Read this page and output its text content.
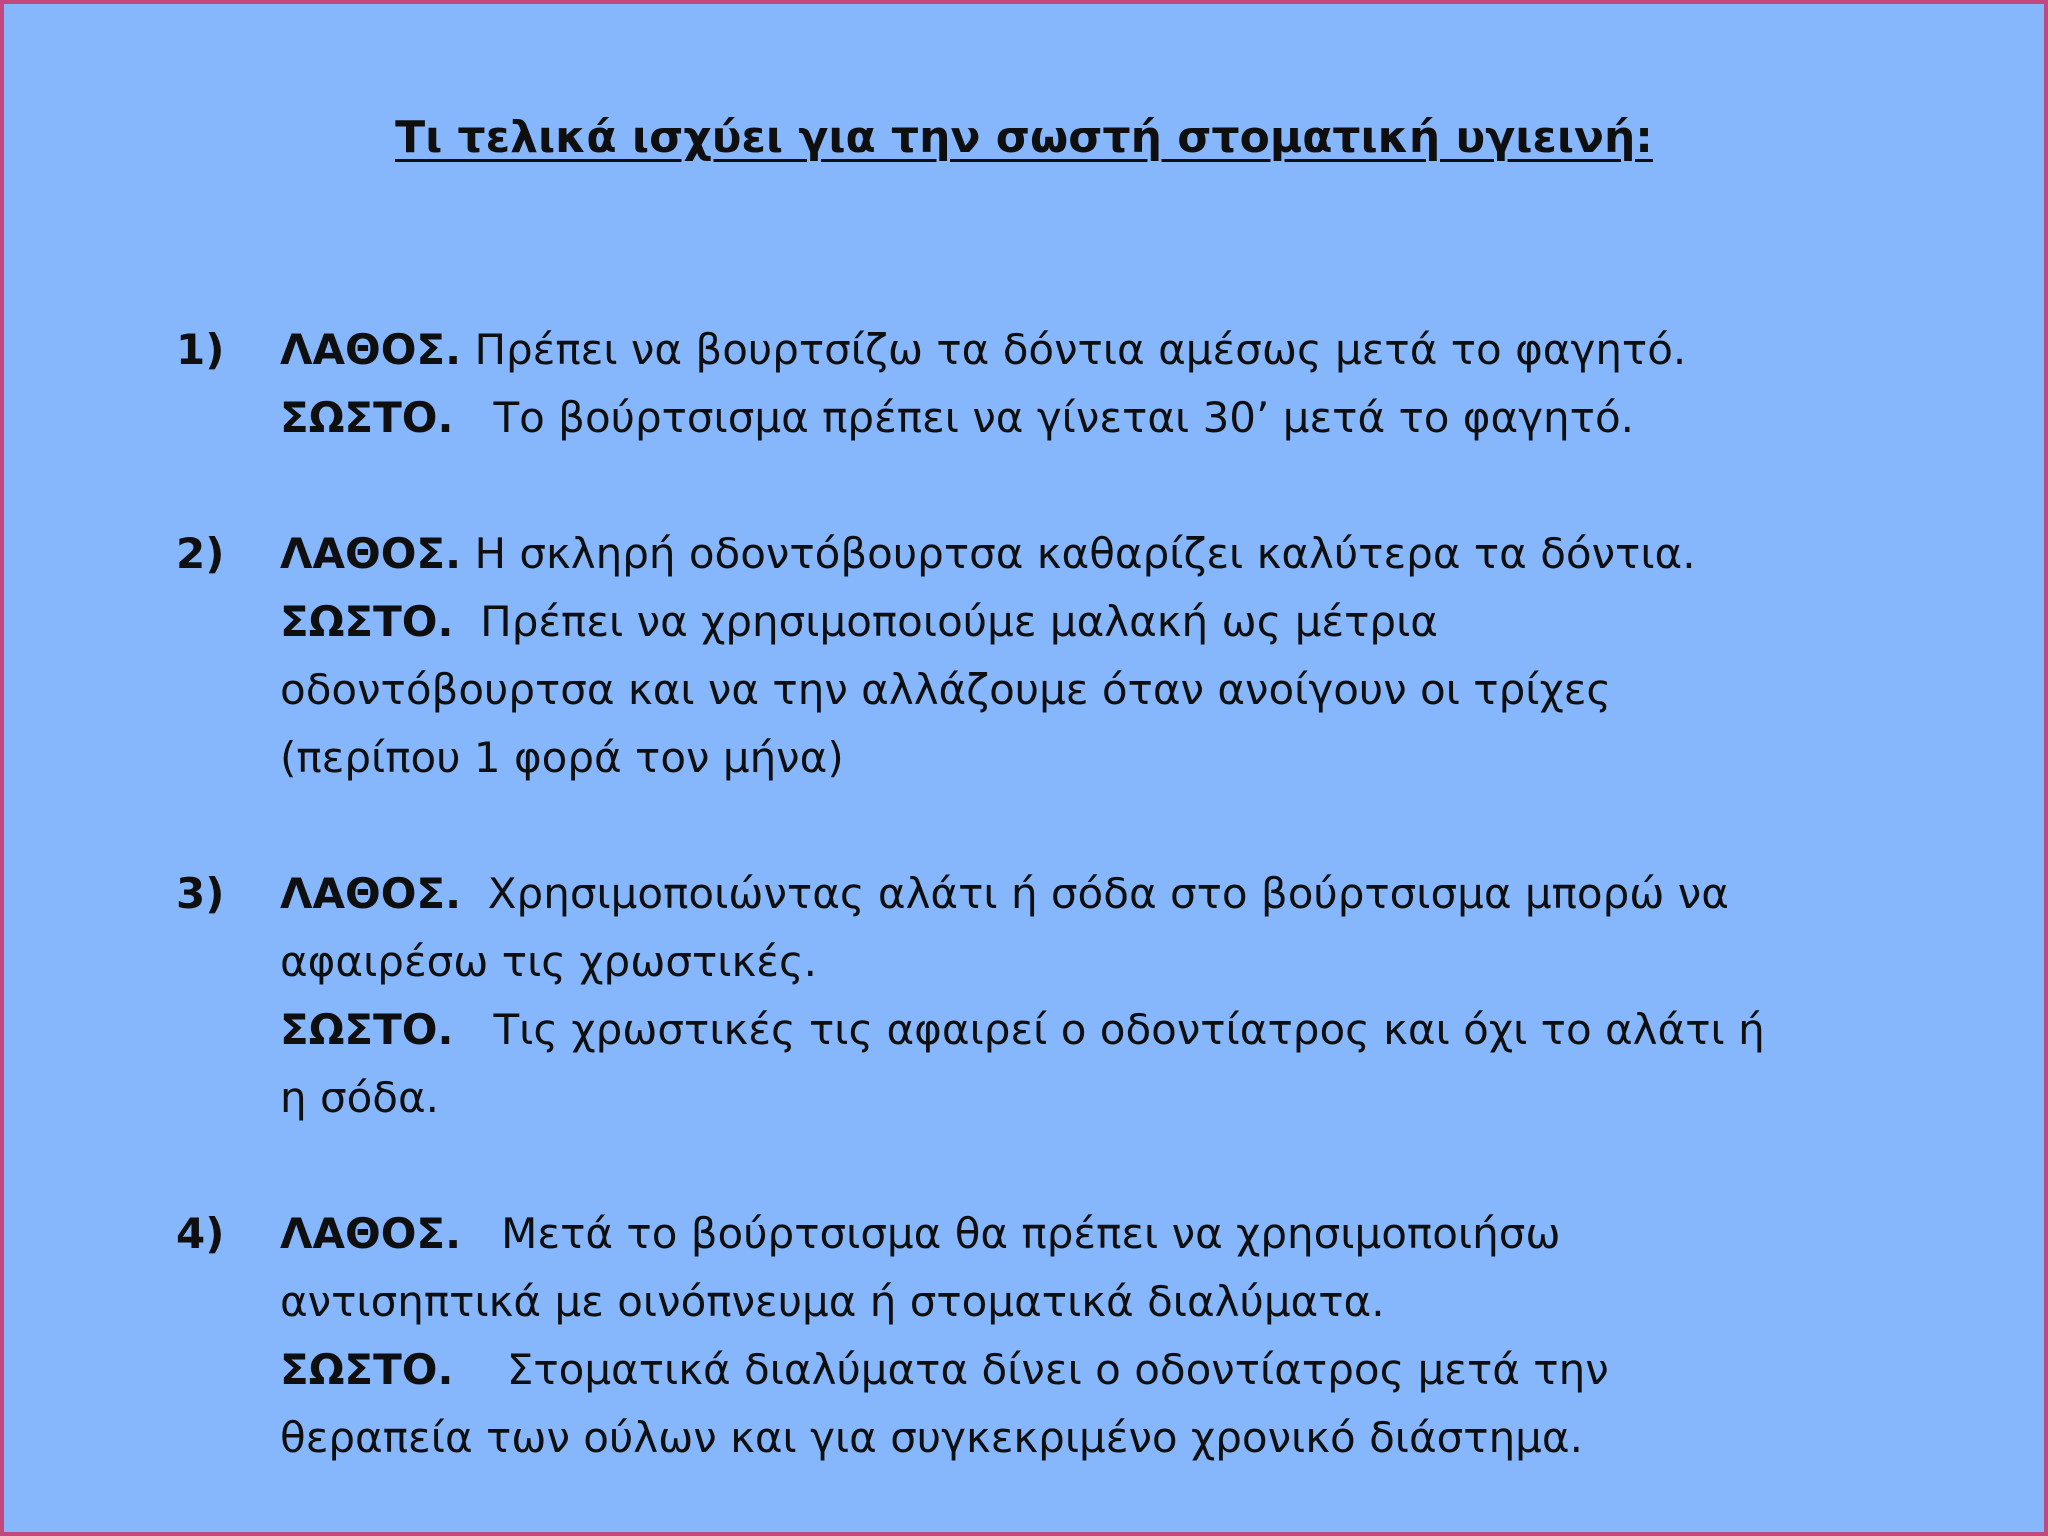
Τι τελικά ισχύει για την σωστή στοματική υγιεινή:
1) ΛΑΘΟΣ. Πρέπει να βουρτσίζω τα δόντια αμέσως μετά το φαγητό.
ΣΩΣΤΟ. Το βούρτσισμα πρέπει να γίνεται 30’ μετά το φαγητό.
2) ΛΑΘΟΣ. Η σκληρή οδοντόβουρτσα καθαρίζει καλύτερα τα δόντια.
ΣΩΣΤΟ. Πρέπει να χρησιμοποιούμε μαλακή ως μέτρια
οδοντόβουρτσα και να την αλλάζουμε όταν ανοίγουν οι τρίχες
(περίπου 1 φορά τον μήνα)
3) ΛΑΘΟΣ. Χρησιμοποιώντας αλάτι ή σόδα στο βούρτσισμα μπορώ να
αφαιρέσω τις χρωστικές.
ΣΩΣΤΟ. Τις χρωστικές τις αφαιρεί ο οδοντίατρος και όχι το αλάτι ή
η σόδα.
4) ΛΑΘΟΣ. Μετά το βούρτσισμα θα πρέπει να χρησιμοποιήσω
αντισηπτικά με οινόπνευμα ή στοματικά διαλύματα.
ΣΩΣΤΟ. Στοματικά διαλύματα δίνει ο οδοντίατρος μετά την
θεραπεία των ούλων και για συγκεκριμένο χρονικό διάστημα.
